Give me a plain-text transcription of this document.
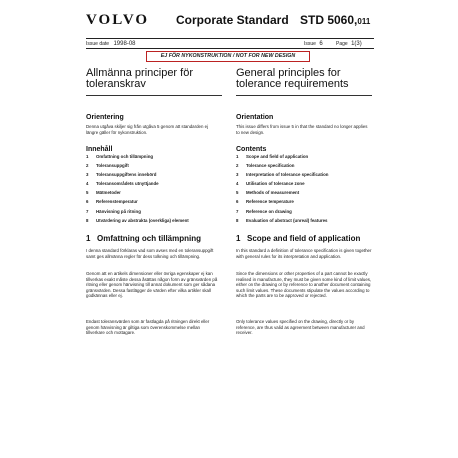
VOLVO Corporate Standard STD 5060,011
Issue date 1998-08	Issue 6	Page 1(3)
EJ FÖR NYKONSTRUKTION / NOT FOR NEW DESIGN
Allmänna principer för toleranskrav
Orientering
Denna utgåva skiljer sig från utgåva 5 genom att standarden ej längre gäller för nykonstruktion.
Innehåll
1	Omfattning och tillämpning
2	Toleransuppgift
3	Toleransuppgiftens innebörd
4	Toleransområdets utnyttjande
5	Mätmetoder
6	Referenstemperatur
7	Hänvisning på ritning
8	Utvärdering av abstrakta (overkliga) element
1 Omfattning och tillämpning
I denna standard förklaras vad som avses med en toleransuppgift samt ges allmänna regler för dess tolkning och tillämpning.
Genom att en artikels dimensioner eller övriga egenskaper ej kan tillverkas exakt måste dessa åsättas någon form av gränsvärden på ritning eller genom hänvisning till annat dokument som ger sådana gränsvärden. Dessa fastlägger de värden efter vilka artikler skall godkännas eller ej.
Endast toleransvärden som är fastlagda på ritningen direkt eller genom hänvisning är giltiga som överenskommelse mellan tillverkare och mottagare.
General principles for tolerance requirements
Orientation
This issue differs from issue 5 in that the standard no longer applies to new design.
Contents
1	Scope and field of application
2	Tolerance specification
3	Interpretation of tolerance specification
4	Utilisation of tolerance zone
5	Methods of measurement
6	Reference temperature
7	Reference on drawing
8	Evaluation of abstract (unreal) features
1 Scope and field of application
In this standard a definition of tolerance specification is given together with general rules for its interpretation and application.
Since the dimensions or other properties of a part cannot be exactly realised in manufacture, they must be given some kind of limit values, either on the drawing or by reference to another document containing such limit values. These documents stipulate the values according to which the parts are to be approved or rejected.
Only tolerance values specified on the drawing, directly or by reference, are thus valid as agreement between manufacturer and receiver.
